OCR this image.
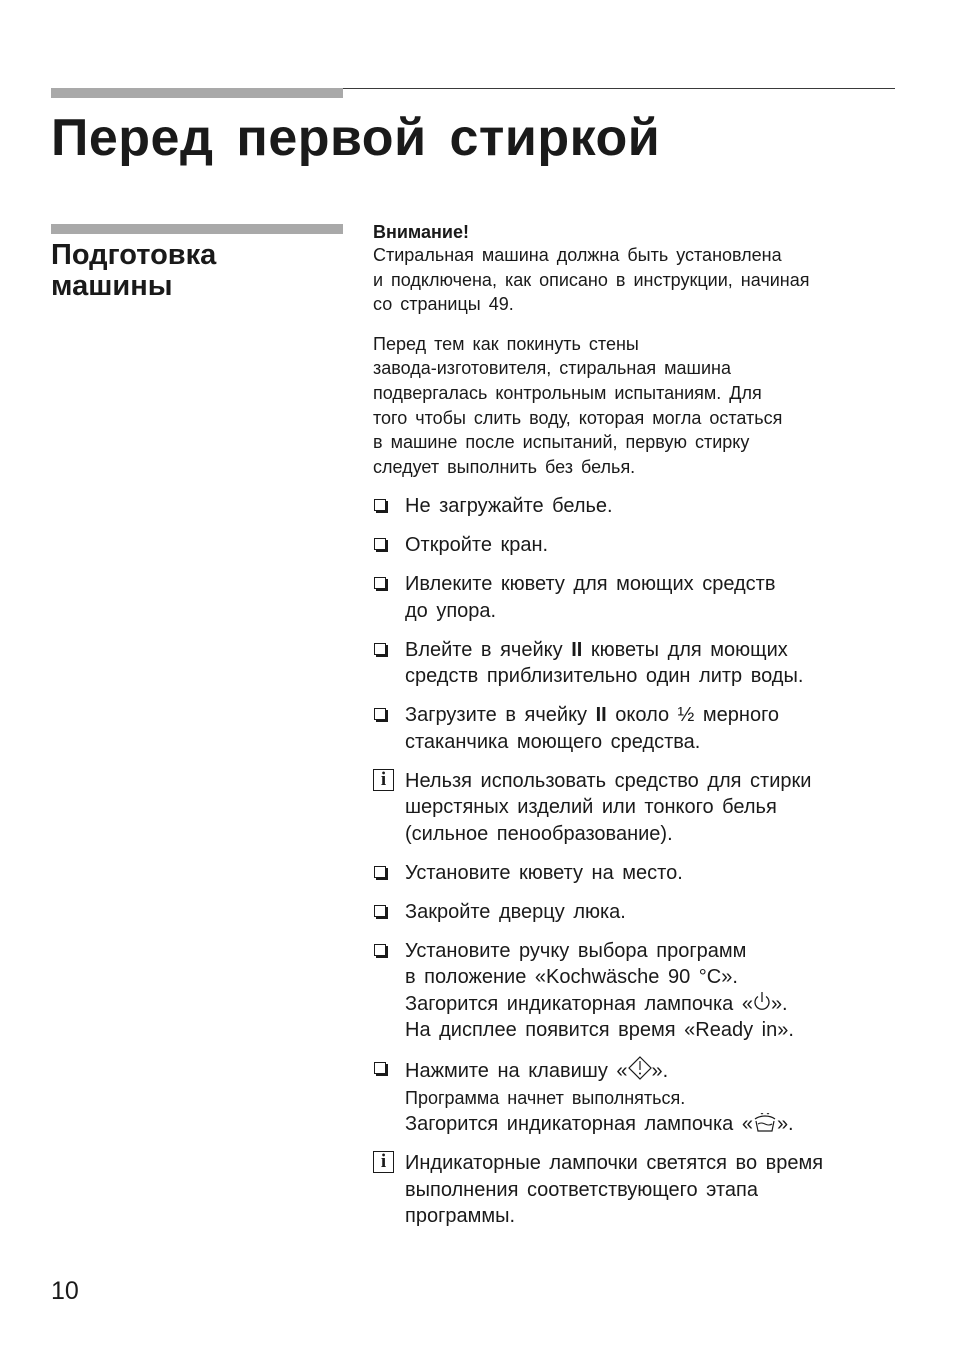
Перед первой стиркой
Подготовка
машины

Внимание!

Стиральная машина должна быть установлена
и подключена, как описано в инструкции, начиная
со страницы 49.

Перед тем как покинуть стены
завода-изготовителя, стиральная машина
подвергалась контрольным испытаниям. Для
того чтобы слить воду, которая могла остаться
в машине после испытаний, первую стирку
следует выполнить без белья.

Не загружайте белье.
Откройте кран.
Ивлеките кювету для моющих средств
до упора.
Влейте в ячейку II кюветы для моющих
средств приблизительно один литр воды.
Загрузите в ячейку II около ½ мерного
стаканчика моющего средства.
i Нельзя использовать средство для стирки
шерстяных изделий или тонкого белья
(сильное пенообразование).
Установите кювету на место.
Закройте дверцу люка.
Установите ручку выбора программ
в положение «Kochwäsche 90 °C».
Загорится индикаторная лампочка « ».
На дисплее появится время «Ready in».
Нажмите на клавишу « ».
Программа начнет выполняться.
Загорится индикаторная лампочка « ».
i Индикаторные лампочки светятся во время
выполнения соответствующего этапа
программы.
10
